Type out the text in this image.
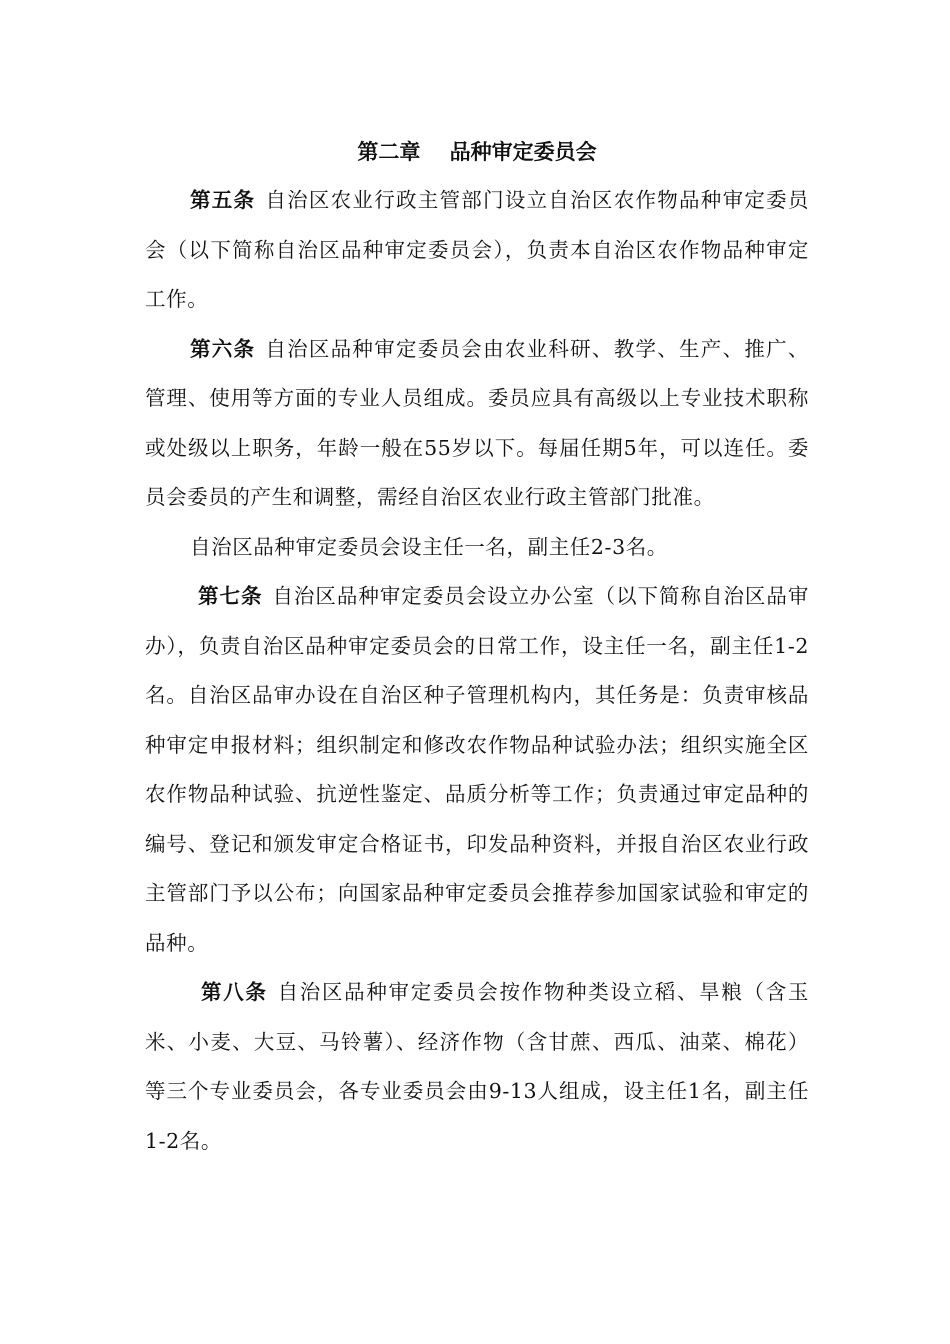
第二章    品种审定委员会

第五条 自治区农业行政主管部门设立自治区农作物品种审定委员会（以下简称自治区品种审定委员会），负责本自治区农作物品种审定工作。

第六条 自治区品种审定委员会由农业科研、教学、生产、推广、管理、使用等方面的专业人员组成。委员应具有高级以上专业技术职称或处级以上职务，年龄一般在55岁以下。每届任期5年，可以连任。委员会委员的产生和调整，需经自治区农业行政主管部门批准。

自治区品种审定委员会设主任一名，副主任2-3名。

第七条 自治区品种审定委员会设立办公室（以下简称自治区品审办），负责自治区品种审定委员会的日常工作，设主任一名，副主任1-2名。自治区品审办设在自治区种子管理机构内，其任务是：负责审核品种审定申报材料；组织制定和修改农作物品种试验办法；组织实施全区农作物品种试验、抗逆性鉴定、品质分析等工作；负责通过审定品种的编号、登记和颁发审定合格证书，印发品种资料，并报自治区农业行政主管部门予以公布；向国家品种审定委员会推荐参加国家试验和审定的品种。

第八条 自治区品种审定委员会按作物种类设立稻、旱粮（含玉米、小麦、大豆、马铃薯）、经济作物（含甘蔗、西瓜、油菜、棉花）等三个专业委员会，各专业委员会由9-13人组成，设主任1名，副主任1-2名。
